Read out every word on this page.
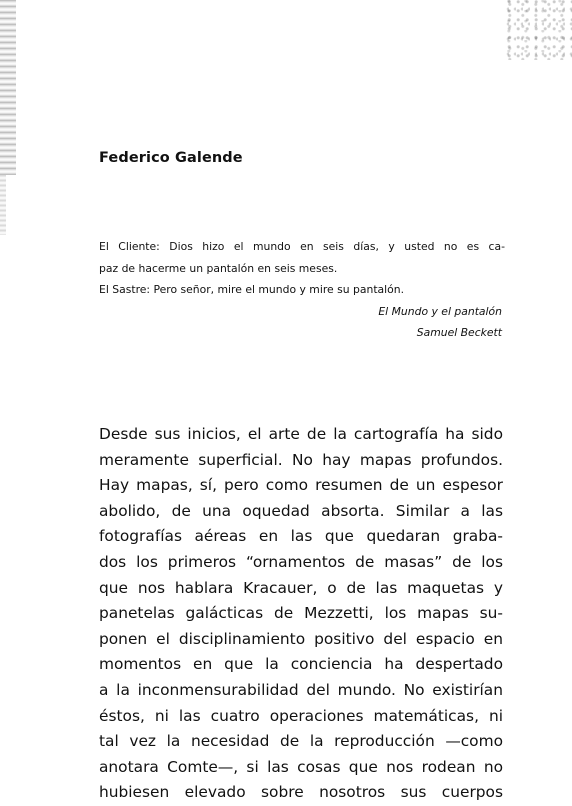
Federico Galende

El Cliente: Dios hizo el mundo en seis días, y usted no es ca-

paz de hacerme un pantalón en seis meses.

El Sastre: Pero señor, mire el mundo y mire su pantalón.

El Mundo y el pantalón

Samuel Beckett

Desde sus inicios, el arte de la cartografía ha sido
meramente superficial. No hay mapas profundos.
Hay mapas, sí, pero como resumen de un espesor
abolido, de una oquedad absorta. Similar a las
fotografías aéreas en las que quedaran graba-
dos los primeros “ornamentos de masas” de los
que nos hablara Kracauer, o de las maquetas y
panetelas galácticas de Mezzetti, los mapas su-
ponen el disciplinamiento positivo del espacio en
momentos en que la conciencia ha despertado
a la inconmensurabilidad del mundo. No existirían
éstos, ni las cuatro operaciones matemáticas, ni
tal vez la necesidad de la reproducción —como
anotara Comte—, si las cosas que nos rodean no
hubiesen elevado sobre nosotros sus cuerpos
